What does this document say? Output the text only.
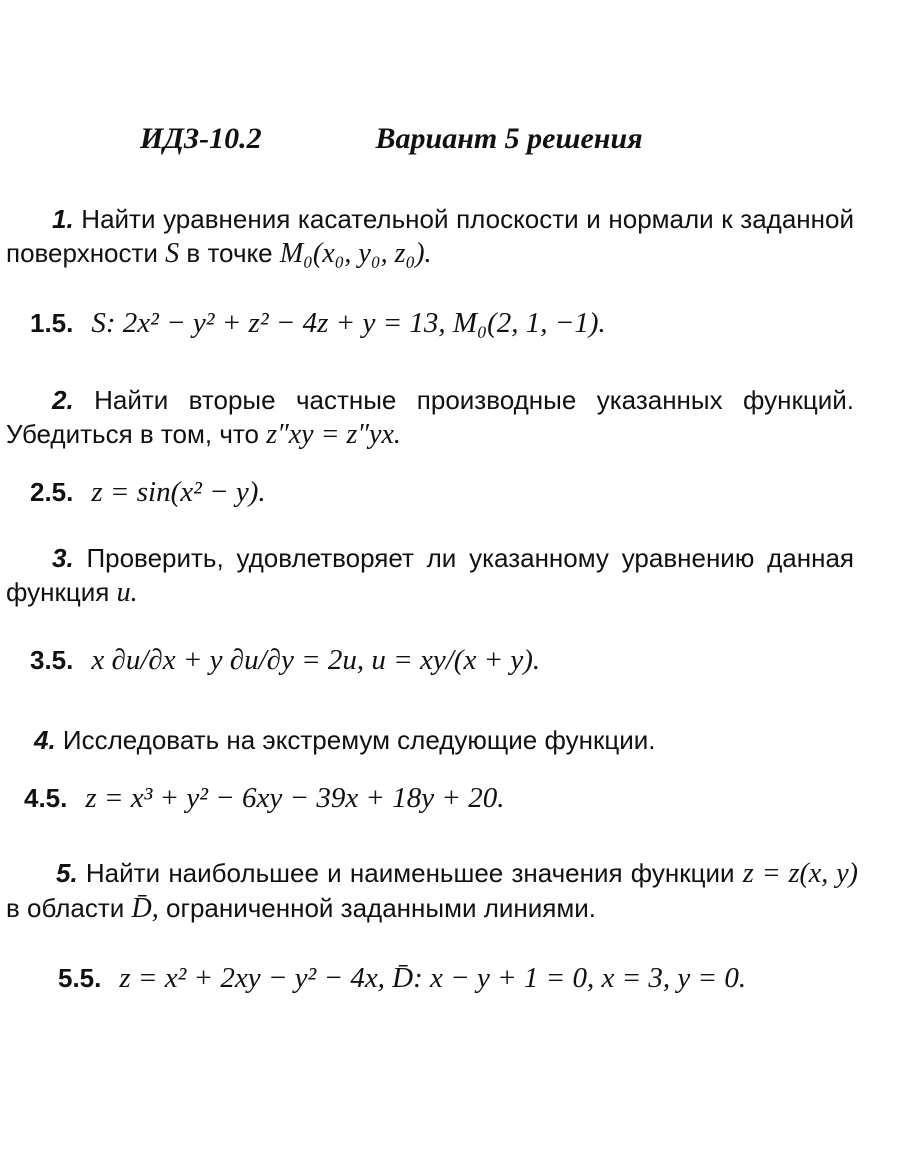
ИДЗ-10.2	Вариант 5 решения
1. Найти уравнения касательной плоскости и нормали к заданной поверхности S в точке M₀(x₀, y₀, z₀).
1.5. S: 2x² − y² + z² − 4z + y = 13, M₀(2, 1, −1).
2. Найти вторые частные производные указанных функций. Убедиться в том, что z″xy = z″yx.
2.5. z = sin(x² − y).
3. Проверить, удовлетворяет ли указанному уравнению данная функция u.
3.5. x ∂u/∂x + y ∂u/∂y = 2u, u = xy/(x + y).
4. Исследовать на экстремум следующие функции.
4.5. z = x³ + y² − 6xy − 39x + 18y + 20.
5. Найти наибольшее и наименьшее значения функции z = z(x, y) в области D̄, ограниченной заданными линиями.
5.5. z = x² + 2xy − y² − 4x, D̄: x − y + 1 = 0, x = 3, y = 0.
